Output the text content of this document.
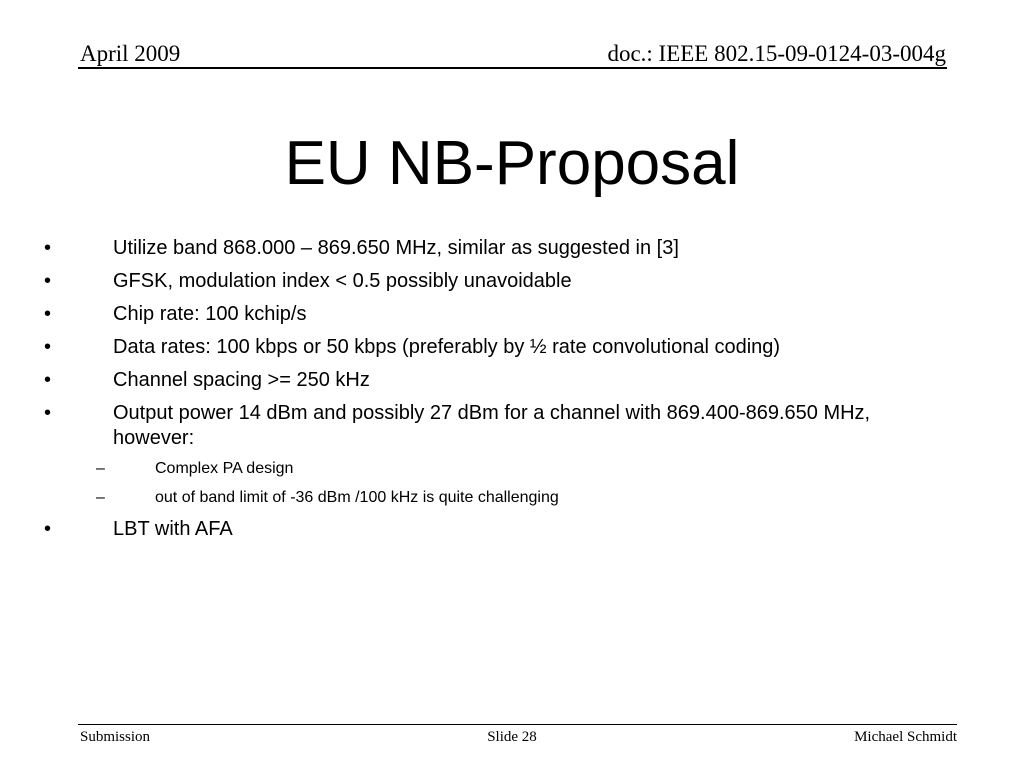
April 2009	doc.: IEEE 802.15-09-0124-03-004g
EU NB-Proposal
•	Utilize band 868.000 – 869.650 MHz, similar as suggested in [3]
•	GFSK, modulation index < 0.5 possibly unavoidable
•	Chip rate: 100 kchip/s
•	Data rates: 100 kbps or 50 kbps (preferably by ½ rate convolutional coding)
•	Channel spacing >= 250 kHz
•	Output power 14 dBm and possibly 27 dBm for a channel with 869.400-869.650 MHz, however:
–	Complex PA design
–	out of band limit of -36 dBm /100 kHz is quite challenging
•	LBT with AFA
Submission	Slide 28	Michael Schmidt
